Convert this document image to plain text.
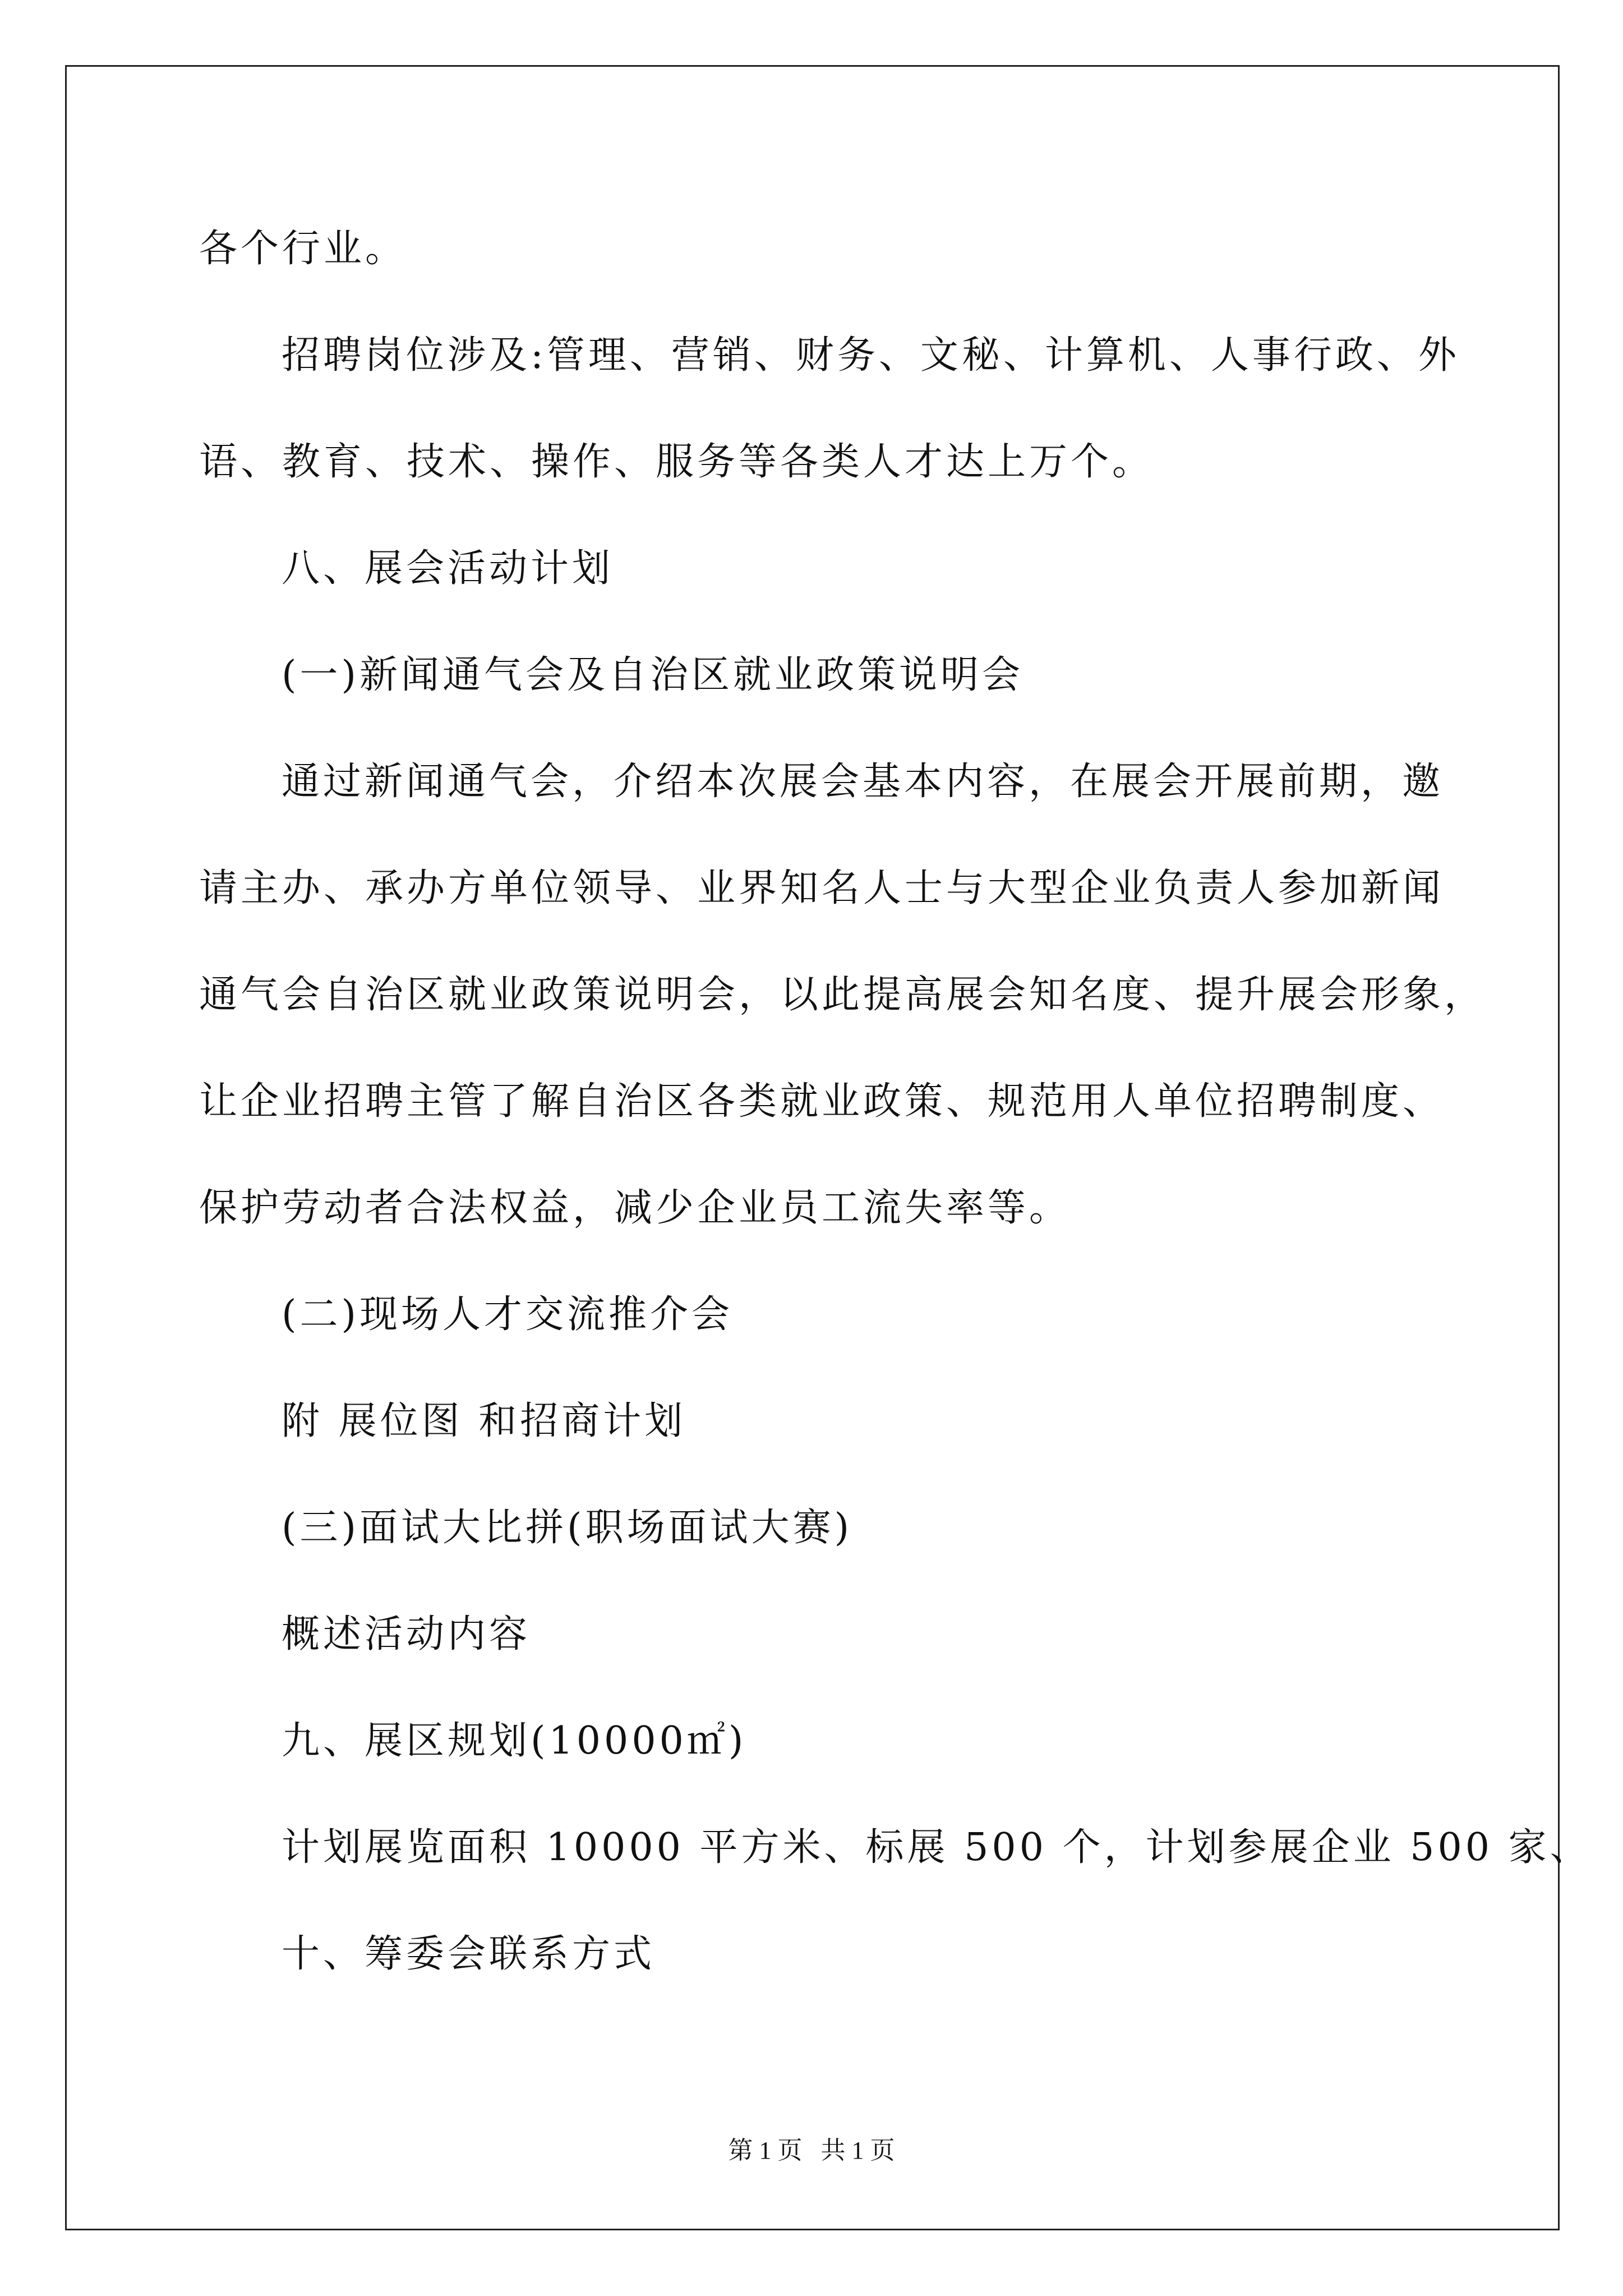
各个行业。
招聘岗位涉及:管理、营销、财务、文秘、计算机、人事行政、外
语、教育、技术、操作、服务等各类人才达上万个。
八、展会活动计划
(一)新闻通气会及自治区就业政策说明会
通过新闻通气会，介绍本次展会基本内容，在展会开展前期，邀
请主办、承办方单位领导、业界知名人士与大型企业负责人参加新闻
通气会自治区就业政策说明会，以此提高展会知名度、提升展会形象，
让企业招聘主管了解自治区各类就业政策、规范用人单位招聘制度、
保护劳动者合法权益，减少企业员工流失率等。
(二)现场人才交流推介会
附 展位图 和招商计划
(三)面试大比拼(职场面试大赛)
概述活动内容
九、展区规划(10000㎡)
计划展览面积 10000 平方米、标展 500 个，计划参展企业 500 家、
十、筹委会联系方式
第 1 页   共 1 页
